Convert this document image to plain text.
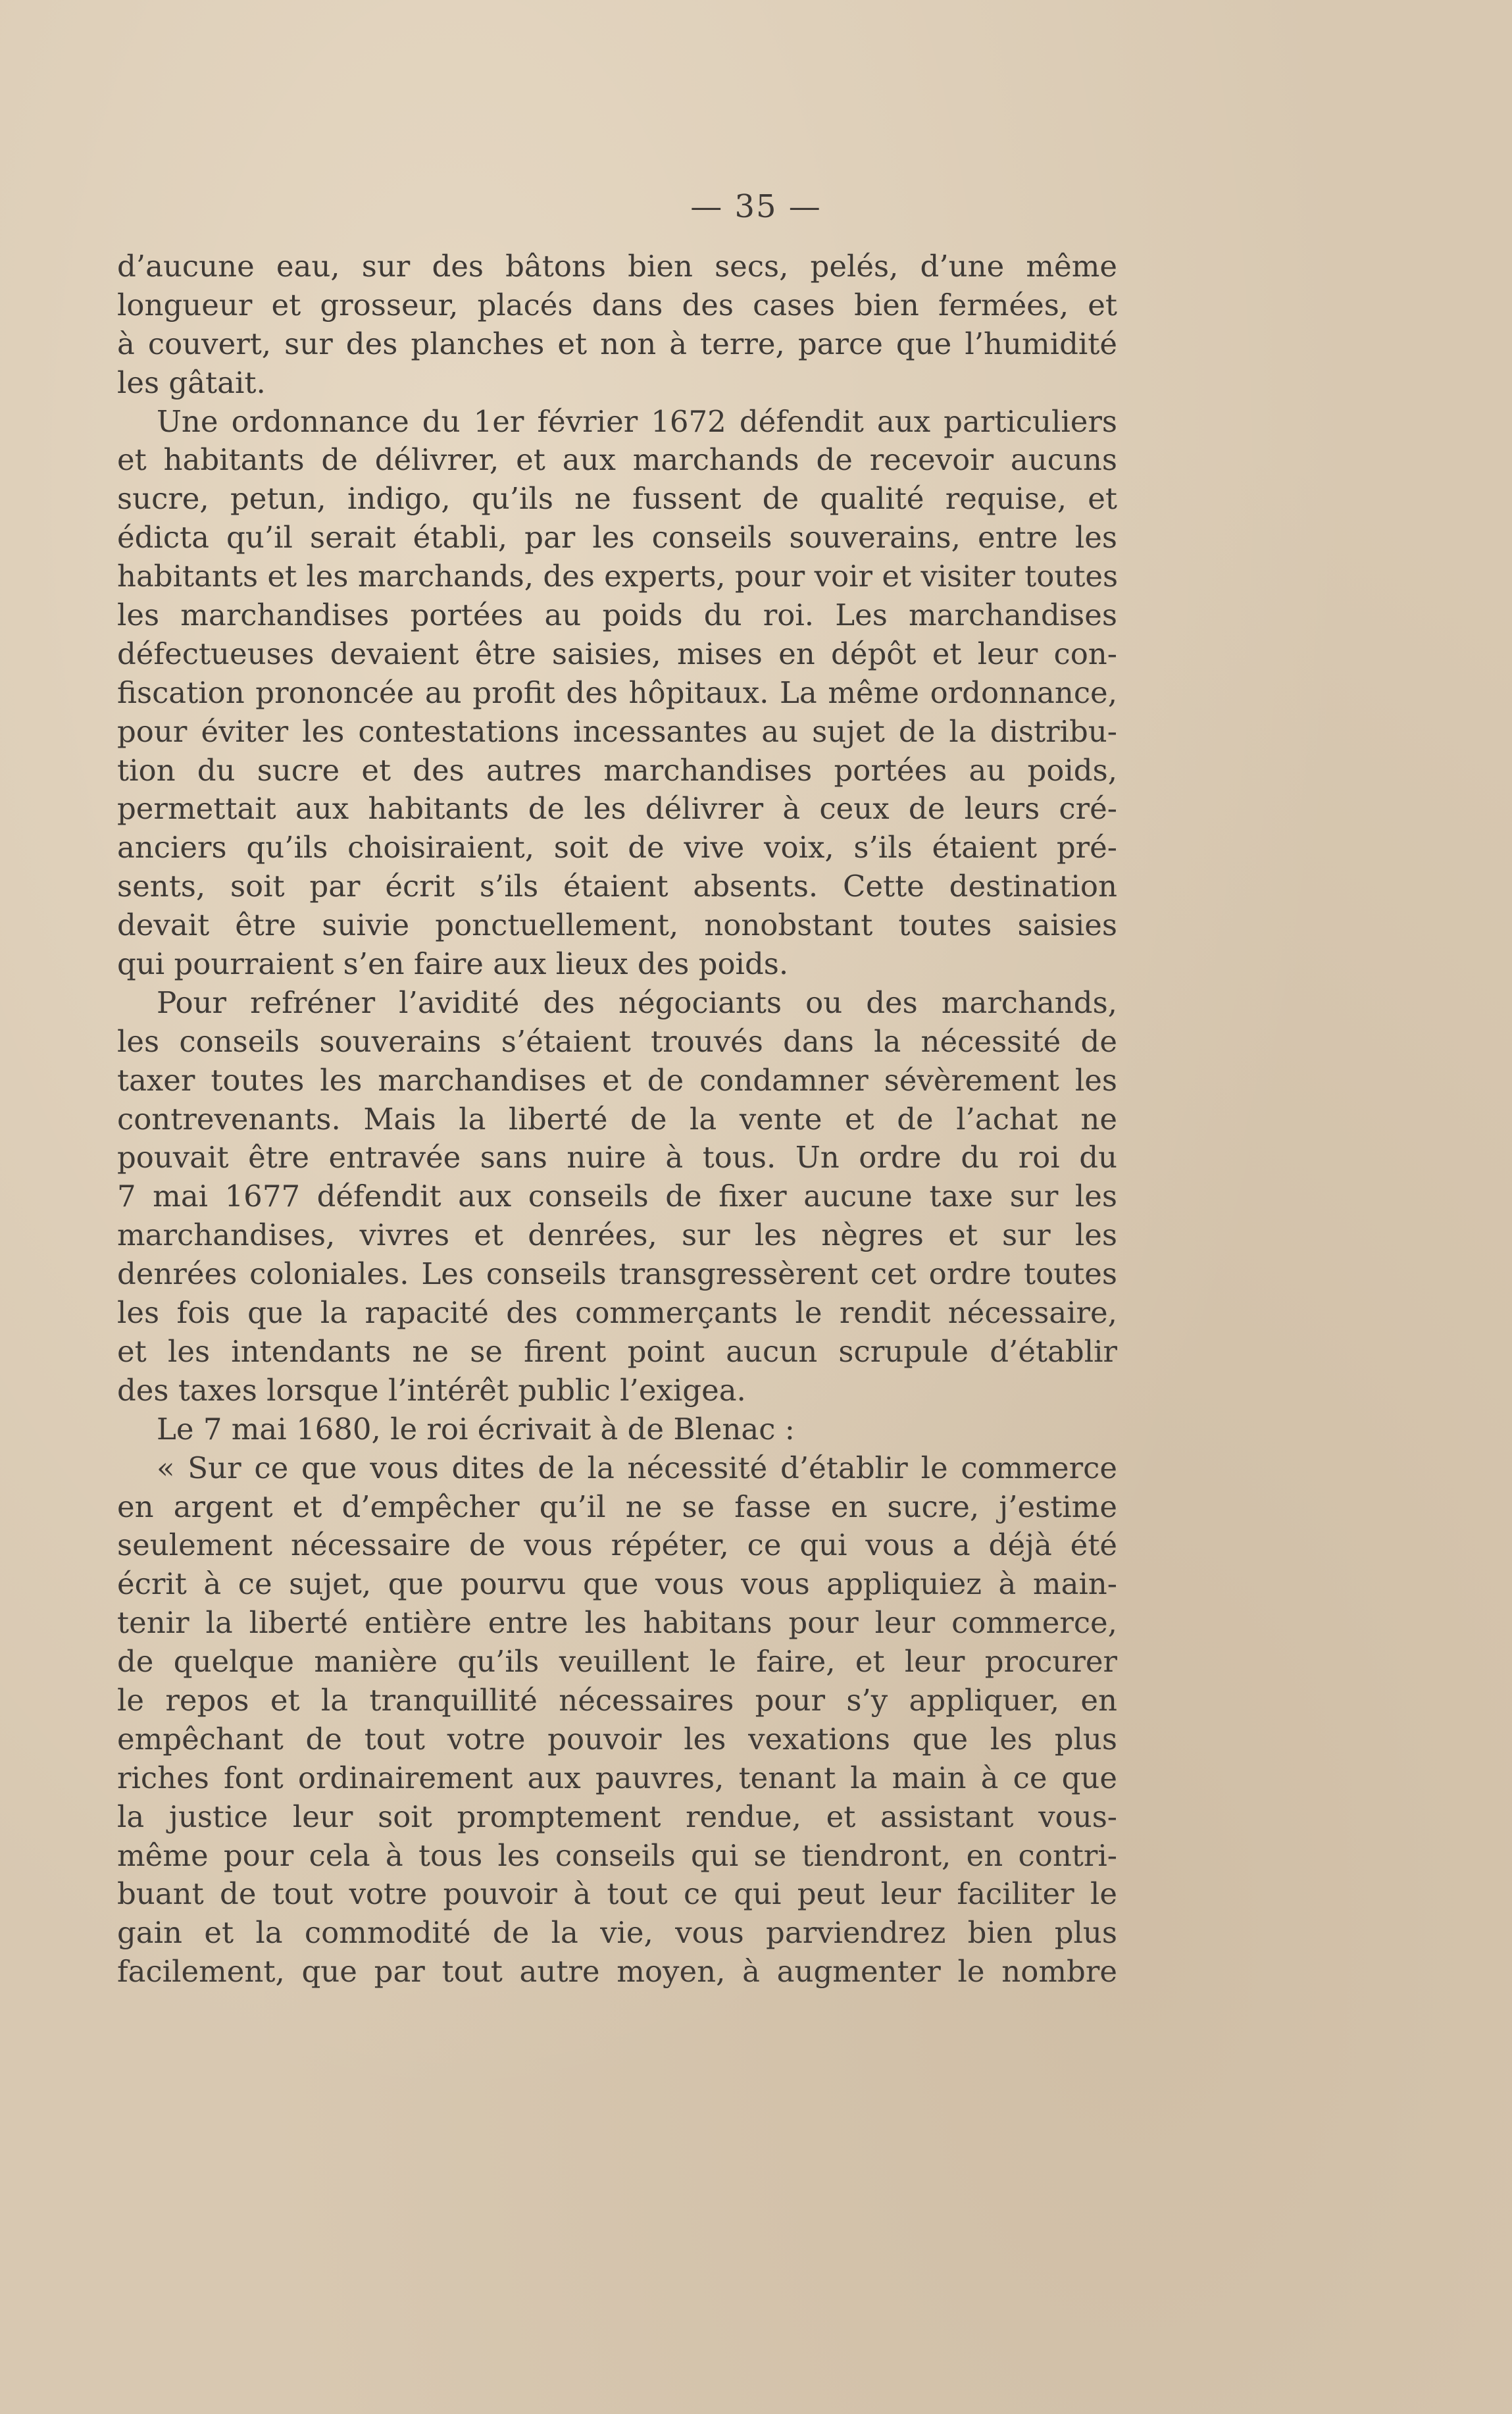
— 35 —
d’aucune eau, sur des bâtons bien secs, pelés, d’une même
longueur et grosseur, placés dans des cases bien fermées, et
à couvert, sur des planches et non à terre, parce que l’humidité
les gâtait.
Une ordonnance du 1er février 1672 défendit aux particuliers
et habitants de délivrer, et aux marchands de recevoir aucuns
sucre, petun, indigo, qu’ils ne fussent de qualité requise, et
édicta qu’il serait établi, par les conseils souverains, entre les
habitants et les marchands, des experts, pour voir et visiter toutes
les marchandises portées au poids du roi. Les marchandises
défectueuses devaient être saisies, mises en dépôt et leur con-
fiscation prononcée au profit des hôpitaux. La même ordonnance,
pour éviter les contestations incessantes au sujet de la distribu-
tion du sucre et des autres marchandises portées au poids,
permettait aux habitants de les délivrer à ceux de leurs cré-
anciers qu’ils choisiraient, soit de vive voix, s’ils étaient pré-
sents, soit par écrit s’ils étaient absents. Cette destination
devait être suivie ponctuellement, nonobstant toutes saisies
qui pourraient s’en faire aux lieux des poids.
Pour refréner l’avidité des négociants ou des marchands,
les conseils souverains s’étaient trouvés dans la nécessité de
taxer toutes les marchandises et de condamner sévèrement les
contrevenants. Mais la liberté de la vente et de l’achat ne
pouvait être entravée sans nuire à tous. Un ordre du roi du
7 mai 1677 défendit aux conseils de fixer aucune taxe sur les
marchandises, vivres et denrées, sur les nègres et sur les
denrées coloniales. Les conseils transgressèrent cet ordre toutes
les fois que la rapacité des commerçants le rendit nécessaire,
et les intendants ne se firent point aucun scrupule d’établir
des taxes lorsque l’intérêt public l’exigea.
Le 7 mai 1680, le roi écrivait à de Blenac :
« Sur ce que vous dites de la nécessité d’établir le commerce
en argent et d’empêcher qu’il ne se fasse en sucre, j’estime
seulement nécessaire de vous répéter, ce qui vous a déjà été
écrit à ce sujet, que pourvu que vous vous appliquiez à main-
tenir la liberté entière entre les habitans pour leur commerce,
de quelque manière qu’ils veuillent le faire, et leur procurer
le repos et la tranquillité nécessaires pour s’y appliquer, en
empêchant de tout votre pouvoir les vexations que les plus
riches font ordinairement aux pauvres, tenant la main à ce que
la justice leur soit promptement rendue, et assistant vous-
même pour cela à tous les conseils qui se tiendront, en contri-
buant de tout votre pouvoir à tout ce qui peut leur faciliter le
gain et la commodité de la vie, vous parviendrez bien plus
facilement, que par tout autre moyen, à augmenter le nombre
